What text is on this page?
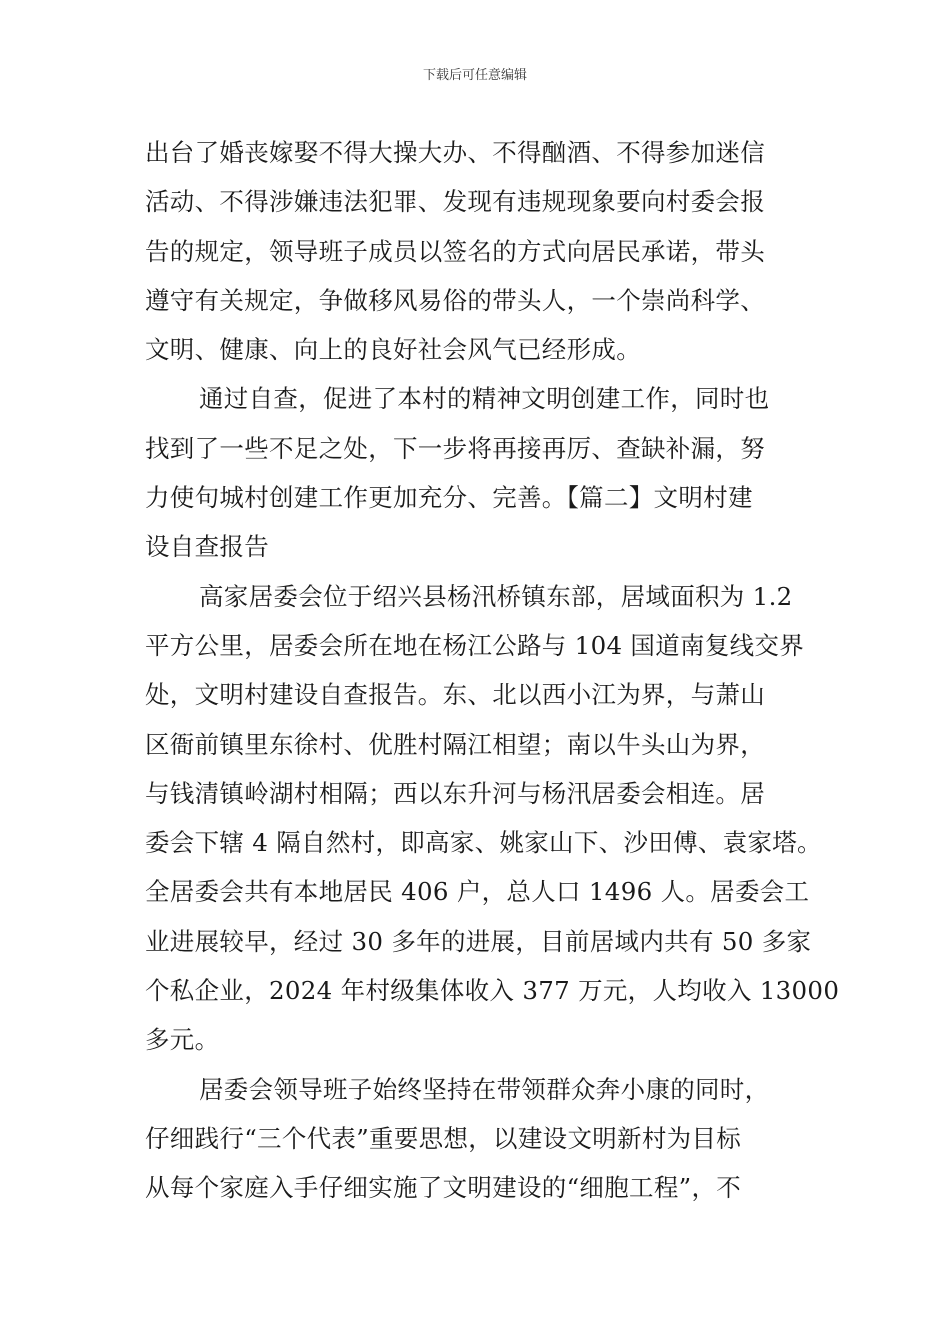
下载后可任意编辑
出台了婚丧嫁娶不得大操大办、不得酗酒、不得参加迷信
活动、不得涉嫌违法犯罪、发现有违规现象要向村委会报
告的规定，领导班子成员以签名的方式向居民承诺，带头
遵守有关规定，争做移风易俗的带头人，一个崇尚科学、
文明、健康、向上的良好社会风气已经形成。
通过自查，促进了本村的精神文明创建工作，同时也
找到了一些不足之处，下一步将再接再厉、查缺补漏，努
力使句城村创建工作更加充分、完善。【篇二】文明村建
设自查报告
高家居委会位于绍兴县杨汛桥镇东部，居域面积为 1.2
平方公里，居委会所在地在杨江公路与 104 国道南复线交界
处，文明村建设自查报告。东、北以西小江为界，与萧山
区衙前镇里东徐村、优胜村隔江相望；南以牛头山为界，
与钱清镇岭湖村相隔；西以东升河与杨汛居委会相连。居
委会下辖 4 隔自然村，即高家、姚家山下、沙田傅、袁家塔。
全居委会共有本地居民 406 户，总人口 1496 人。居委会工
业进展较早，经过 30 多年的进展，目前居域内共有 50 多家
个私企业，2024 年村级集体收入 377 万元，人均收入 13000
多元。
居委会领导班子始终坚持在带领群众奔小康的同时，
仔细践行“三个代表”重要思想，以建设文明新村为目标
从每个家庭入手仔细实施了文明建设的“细胞工程”，不
